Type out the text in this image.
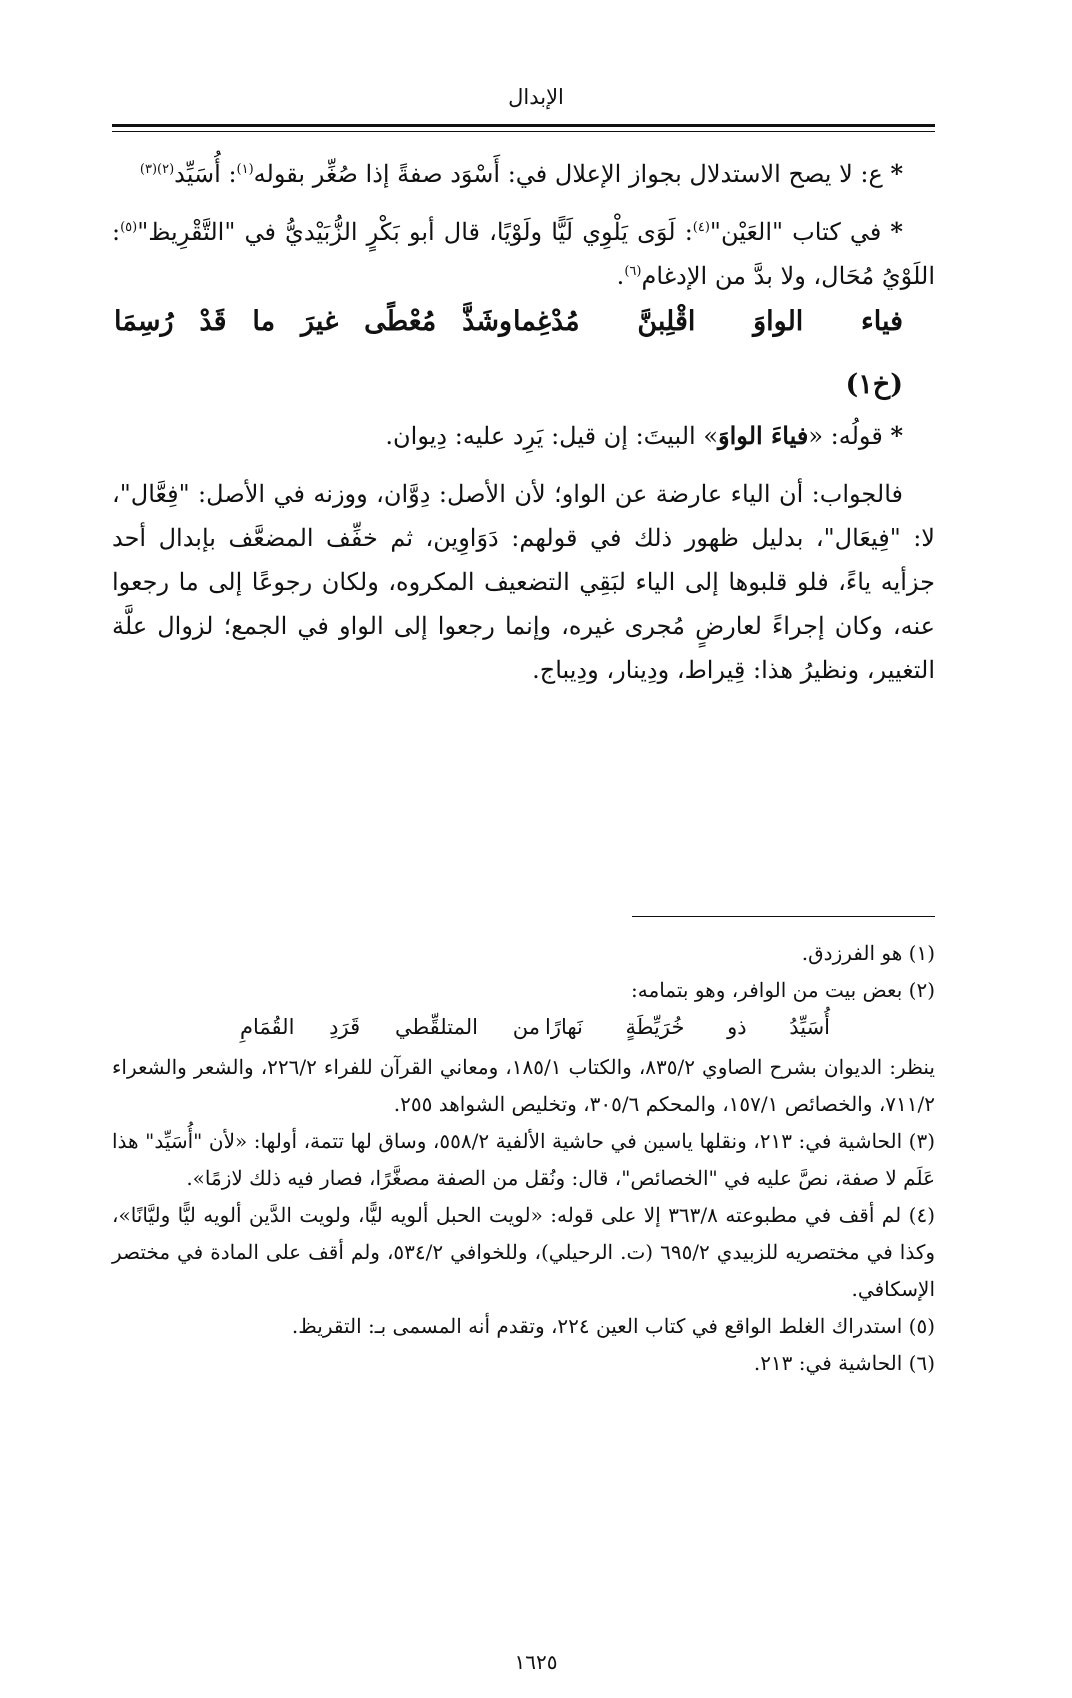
الإبدال

* ع: لا يصح الاستدلال بجواز الإعلال في: أَسْوَد صفةً إذا صُغِّر بقوله$^{(١)}$: أُسَيِّد$^{(٢)(٣)}$

* في كتاب "العَيْن"$^{(٤)}$: لَوَى يَلْوِي لَيًّا ولَوْيًا، قال أبو بَكْرٍ الزُّبَيْديُّ في "التَّقْرِيظ"$^{(٥)}$: اللَوْيُ مُحَال، ولا بدَّ من الإدغام$^{(٦)}$.

فياء الواوَ اقْلِبنَّ مُدْغِما
وشَذَّ مُعْطًى غيرَ ما قَدْ رُسِمَا
(خ١)

* قولُه: «فياءَ الواوَ» البيتَ: إن قيل: يَرِد عليه: دِيوان.

فالجواب: أن الياء عارضة عن الواو؛ لأن الأصل: دِوَّان، ووزنه في الأصل: "فِعَّال"، لا: "فِيعَال"، بدليل ظهور ذلك في قولهم: دَوَاوِين، ثم خفِّف المضعَّف بإبدال أحد جزأيه ياءً، فلو قلبوها إلى الياء لبَقِي التضعيف المكروه، ولكان رجوعًا إلى ما رجعوا عنه، وكان إجراءً لعارضٍ مُجرى غيره، وإنما رجعوا إلى الواو في الجمع؛ لزوال علَّة التغيير، ونظيرُ هذا: قِيراط، ودِينار، ودِيباج.

(١) هو الفرزدق.

(٢) بعض بيت من الوافر، وهو بتمامه:

أُسَيِّدُ ذو خُرَيِّطَةٍ نَهارًا
من المتلقِّطي قَرَدِ القُمَامِ

ينظر: الديوان بشرح الصاوي ٨٣٥/٢، والكتاب ١٨٥/١، ومعاني القرآن للفراء ٢٢٦/٢، والشعر والشعراء ٧١١/٢، والخصائص ١٥٧/١، والمحكم ٣٠٥/٦، وتخليص الشواهد ٢٥٥.

(٣) الحاشية في: ٢١٣، ونقلها ياسين في حاشية الألفية ٥٥٨/٢، وساق لها تتمة، أولها: «لأن "أُسَيِّد" هذا عَلَم لا صفة، نصَّ عليه في "الخصائص"، قال: ونُقل من الصفة مصغَّرًا، فصار فيه ذلك لازمًا».

(٤) لم أقف في مطبوعته ٣٦٣/٨ إلا على قوله: «لويت الحبل ألويه ليًّا، ولويت الدَّين ألويه ليًّا وليَّانًا»، وكذا في مختصريه للزبيدي ٦٩٥/٢ (ت. الرحيلي)، وللخوافي ٥٣٤/٢، ولم أقف على المادة في مختصر الإسكافي.

(٥) استدراك الغلط الواقع في كتاب العين ٢٢٤، وتقدم أنه المسمى بـ: التقريظ.

(٦) الحاشية في: ٢١٣.

١٦٢٥
